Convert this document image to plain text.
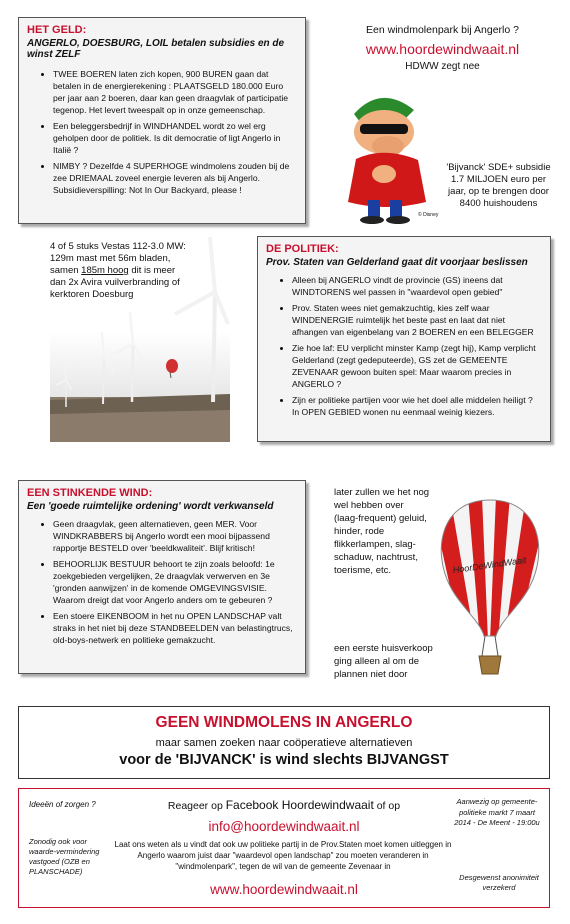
HET GELD:
ANGERLO, DOESBURG, LOIL betalen subsidies en de winst ZELF
• TWEE BOEREN laten zich kopen, 900 BUREN gaan dat betalen in de energierekening : PLAATSGELD 180.000 Euro per jaar aan 2 boeren, daar kan geen draagvlak of participatie tegenop. Het levert tweespalt op in onze gemeenschap.
• Een beleggersbedrijf in WINDHANDEL wordt zo wel erg geholpen door de politiek. Is dit democratie of ligt Angerlo in Italië ?
• NIMBY ? Dezelfde 4 SUPERHOGE windmolens zouden bij de zee DRIEMAAL zoveel energie leveren als bij Angerlo. Subsidieverspilling: Not In Our Backyard, please !
Een windmolenpark bij Angerlo ?
www.hoordewindwaait.nl
HDWW zegt nee
© Disney
'Bijvanck' SDE+ subsidie 1.7 MILJOEN euro per jaar, op te brengen door 8400 huishoudens
4 of 5 stuks Vestas 112-3.0 MW: 129m mast met 56m bladen, samen 185m hoog dit is meer dan 2x Avira vuilverbranding of kerktoren Doesburg
DE POLITIEK:
Prov. Staten van Gelderland gaat dit voorjaar beslissen
• Alleen bij ANGERLO vindt de provincie (GS) ineens dat WINDTORENS wel passen in "waardevol open gebied"
• Prov. Staten wees niet gemakzuchtig, kies zelf waar WINDENERGIE ruimtelijk het beste past en laat dat niet afhangen van eigenbelang van 2 BOEREN en een BELEGGER
• Zie hoe laf: EU verplicht minster Kamp (zegt hij), Kamp verplicht Gelderland (zegt gedeputeerde), GS zet de GEMEENTE ZEVENAAR gewoon buiten spel: Maar waarom precies in ANGERLO ?
• Zijn er politieke partijen voor wie het doel alle middelen heiligt ? In OPEN GEBIED wonen nu eenmaal weinig kiezers.
EEN STINKENDE WIND:
Een 'goede ruimtelijke ordening' wordt verkwanseld
• Geen draagvlak, geen alternatieven, geen MER. Voor WINDKRABBERS bij Angerlo wordt een mooi bijpassend rapportje BESTELD over 'beeldkwaliteit'. Blijf kritisch!
• BEHOORLIJK BESTUUR behoort te zijn zoals beloofd: 1e zoekgebieden vergelijken, 2e draagvlak verwerven en 3e 'gronden aanwijzen' in de komende OMGEVINGSVISIE. Waarom dreigt dat voor Angerlo anders om te gebeuren ?
• Een stoere EIKENBOOM in het nu OPEN LANDSCHAP valt straks in het niet bij deze STANDBEELDEN van belastingtrucs, old-boys-netwerk en politieke gemakzucht.
later zullen we het nog wel hebben over (laag-frequent) geluid, hinder, rode flikkerlampen, slag-schaduw, nachtrust, toerisme, etc.
een eerste huisverkoop ging alleen al om de plannen niet door
HoorDeWindWaait
GEEN WINDMOLENS IN ANGERLO
maar samen zoeken naar coöperatieve alternatieven
voor de 'BIJVANCK' is wind slechts BIJVANGST
Ideeën of zorgen ?
Zonodig ook voor waarde-vermindering vastgoed (OZB en PLANSCHADE)
Reageer op Facebook Hoordewindwaait of op
info@hoordewindwaait.nl
Laat ons weten als u vindt dat ook uw politieke partij in de Prov.Staten moet komen uitleggen in Angerlo waarom juist daar "waardevol open landschap" zou moeten veranderen in "windmolenpark", tegen de wil van de gemeente Zevenaar in
www.hoordewindwaait.nl
Aanwezig op gemeente-politieke markt 7 maart 2014 - De Meent - 19:00u
Desgewenst anonimiteit verzekerd
